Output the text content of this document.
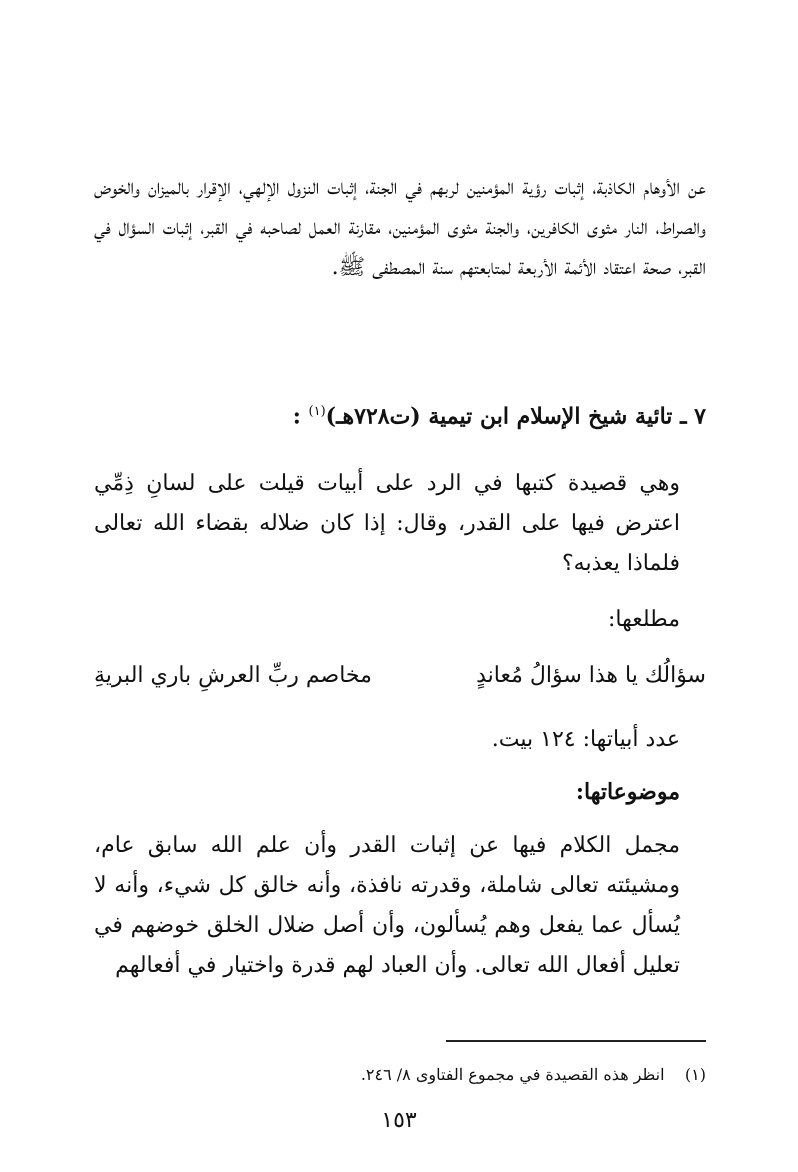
عن الأوهام الكاذبة، إثبات رؤية المؤمنين لربهم في الجنة، إثبات النزول الإلهي، الإقرار بالميزان والخوض والصراط، النار مثوى الكافرين، والجنة مثوى المؤمنين، مقارنة العمل لصاحبه في القبر، إثبات السؤال في القبر، صحة اعتقاد الأئمة الأربعة لمتابعتهم سنة المصطفى ﷺ.

٧ ـ تائية شيخ الإسلام ابن تيمية (ت٧٢٨هـ)$^{(١)}$ :

وهي قصيدة كتبها في الرد على أبيات قيلت على لسانِ ذِمِّي اعترض فيها على القدر، وقال: إذا كان ضلاله بقضاء الله تعالى فلماذا يعذبه؟

مطلعها:
سؤالُك يا هذا سؤالُ مُعاندٍ
مخاصم ربِّ العرشِ باري البريةِ
عدد أبياتها: ١٢٤ بيت.
موضوعاتها:

مجمل الكلام فيها عن إثبات القدر وأن علم الله سابق عام، ومشيئته تعالى شاملة، وقدرته نافذة، وأنه خالق كل شيء، وأنه لا يُسأل عما يفعل وهم يُسألون، وأن أصل ضلال الخلق خوضهم في تعليل أفعال الله تعالى. وأن العباد لهم قدرة واختيار في أفعالهم

(١)    انظر هذه القصيدة في مجموع الفتاوى ٨/ ٢٤٦.
١٥٣
